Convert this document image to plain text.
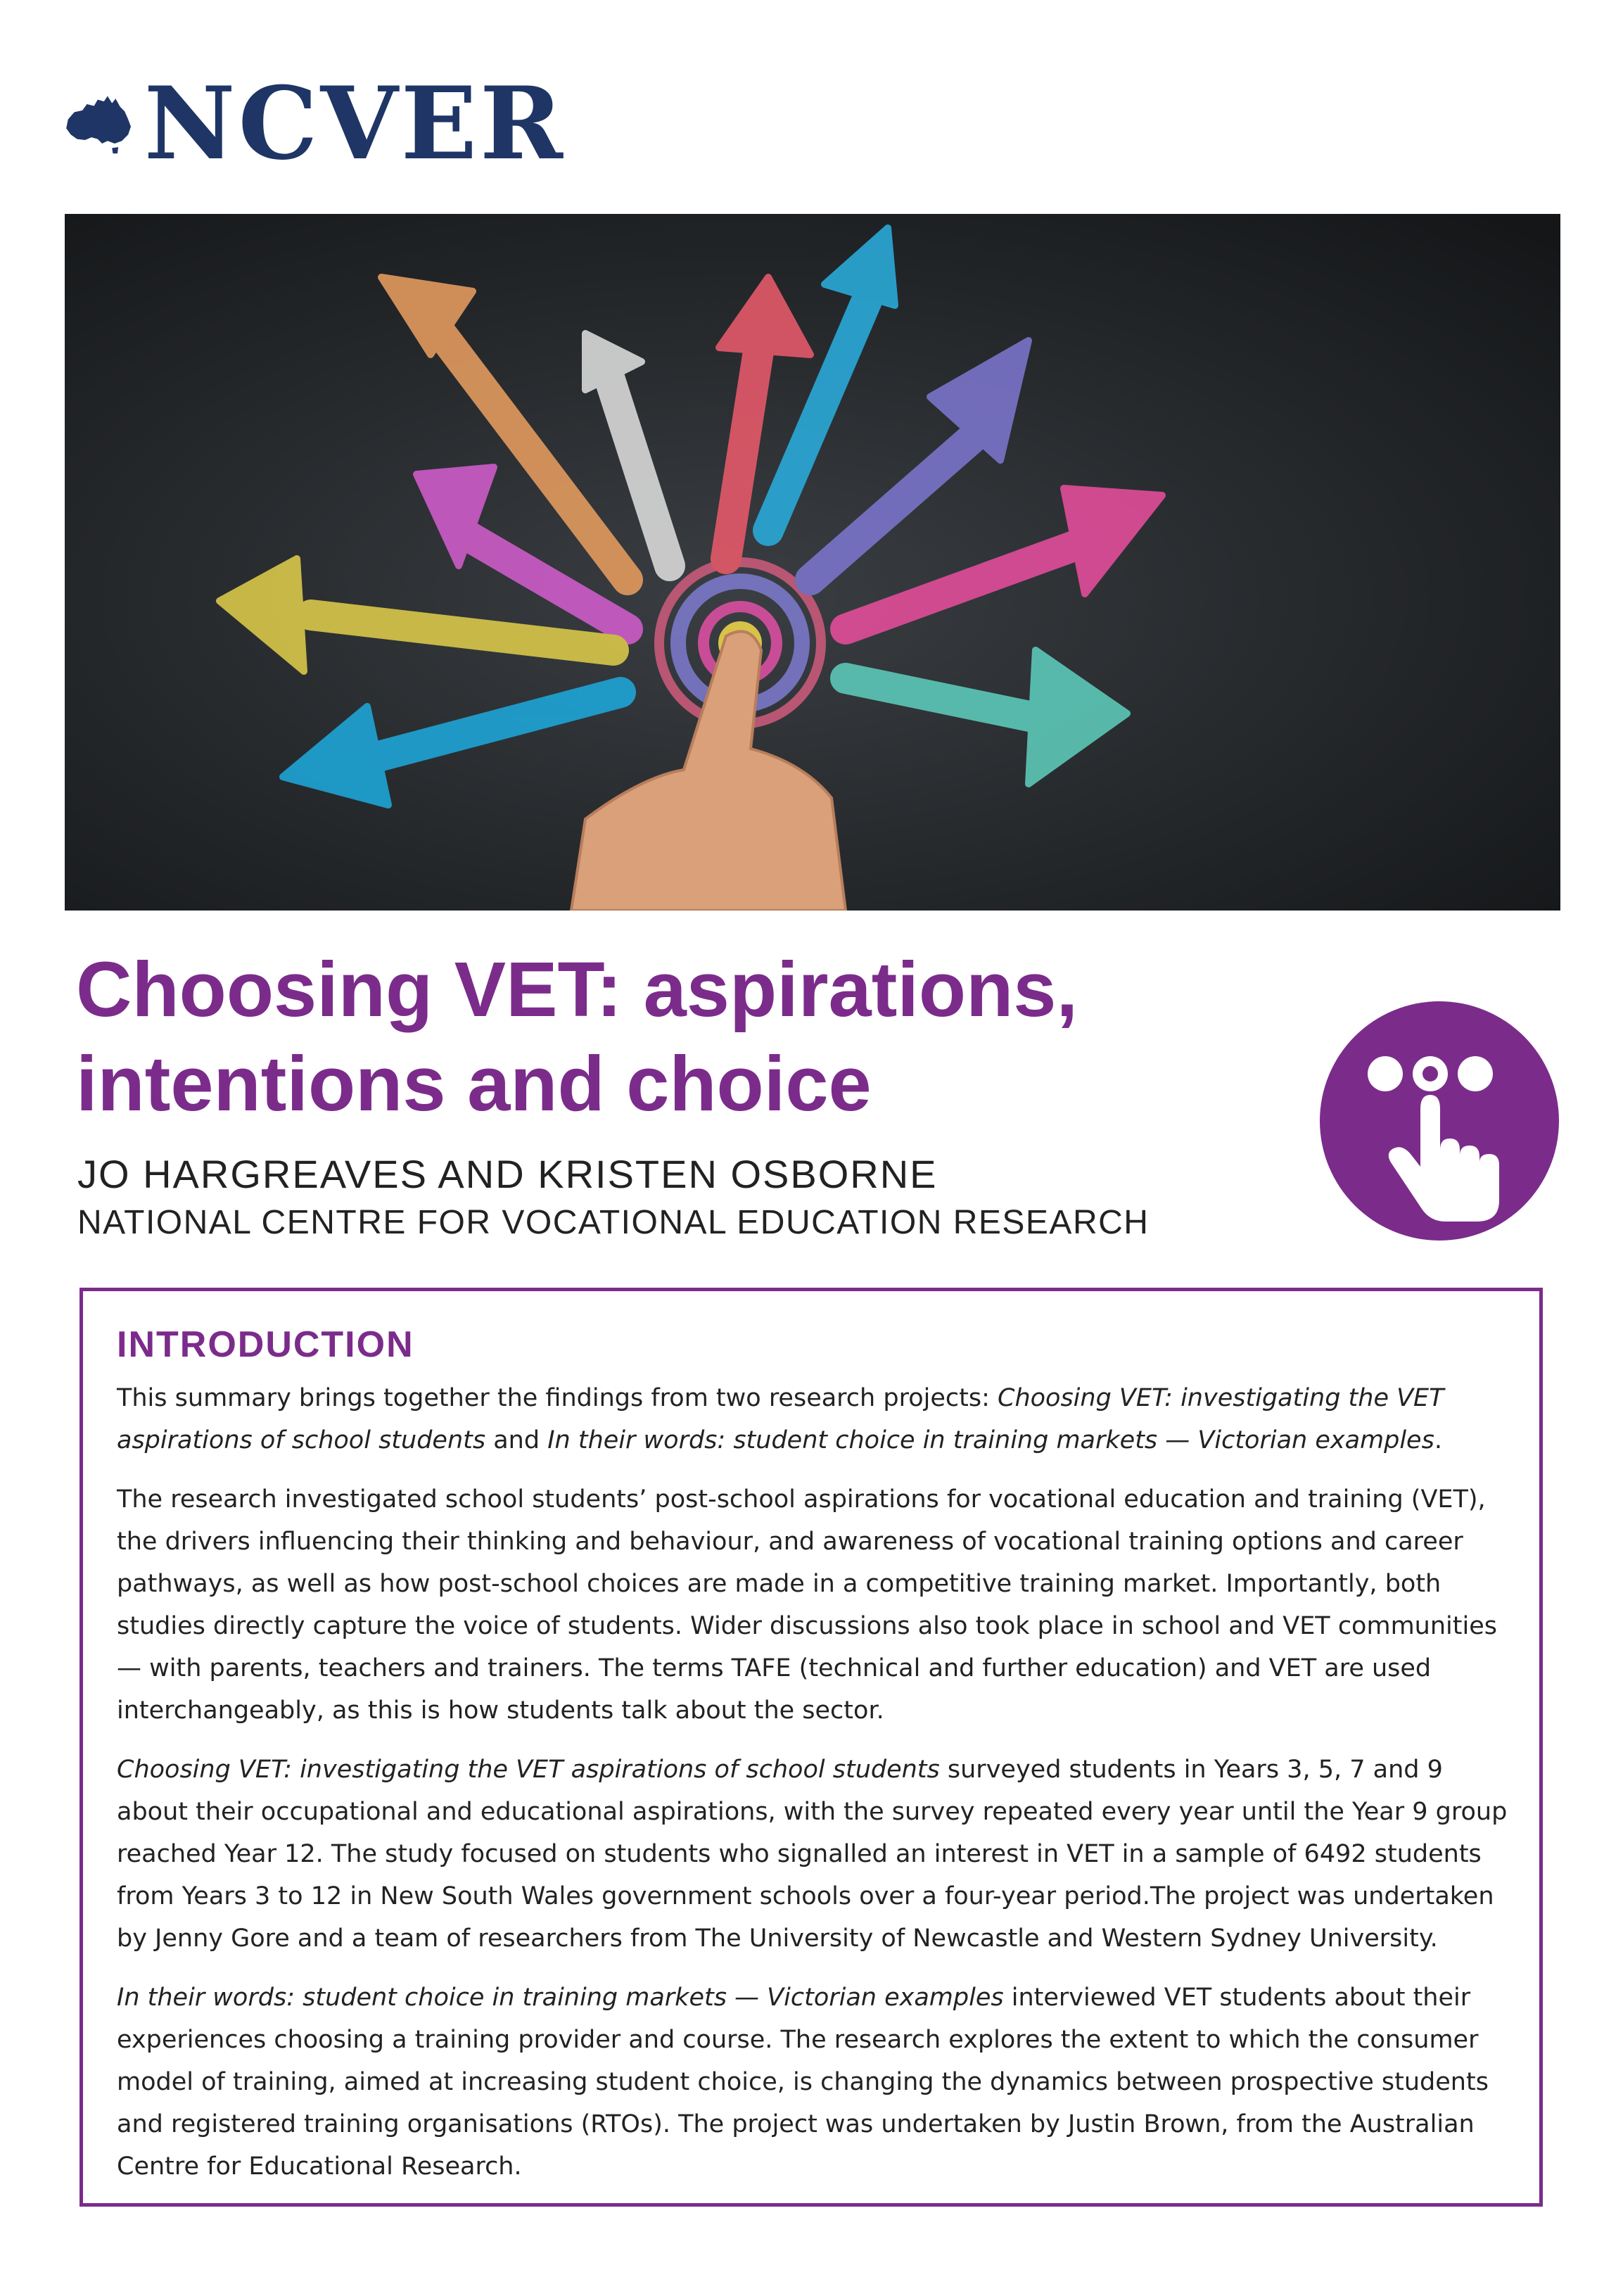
NCVER
Choosing VET: aspirations,
intentions and choice
JO HARGREAVES AND KRISTEN OSBORNE
NATIONAL CENTRE FOR VOCATIONAL EDUCATION RESEARCH
INTRODUCTION

This summary brings together the findings from two research projects: Choosing VET: investigating the VET aspirations of school students and In their words: student choice in training markets — Victorian examples.

The research investigated school students’ post-school aspirations for vocational education and training (VET), the drivers influencing their thinking and behaviour, and awareness of vocational training options and career pathways, as well as how post-school choices are made in a competitive training market. Importantly, both studies directly capture the voice of students. Wider discussions also took place in school and VET communities — with parents, teachers and trainers. The terms TAFE (technical and further education) and VET are used interchangeably, as this is how students talk about the sector.

Choosing VET: investigating the VET aspirations of school students surveyed students in Years 3, 5, 7 and 9 about their occupational and educational aspirations, with the survey repeated every year until the Year 9 group reached Year 12. The study focused on students who signalled an interest in VET in a sample of 6492 students from Years 3 to 12 in New South Wales government schools over a four-year period.The project was undertaken by Jenny Gore and a team of researchers from The University of Newcastle and Western Sydney University.

In their words: student choice in training markets — Victorian examples interviewed VET students about their experiences choosing a training provider and course. The research explores the extent to which the consumer model of training, aimed at increasing student choice, is changing the dynamics between prospective students and registered training organisations (RTOs). The project was undertaken by Justin Brown, from the Australian Centre for Educational Research.
